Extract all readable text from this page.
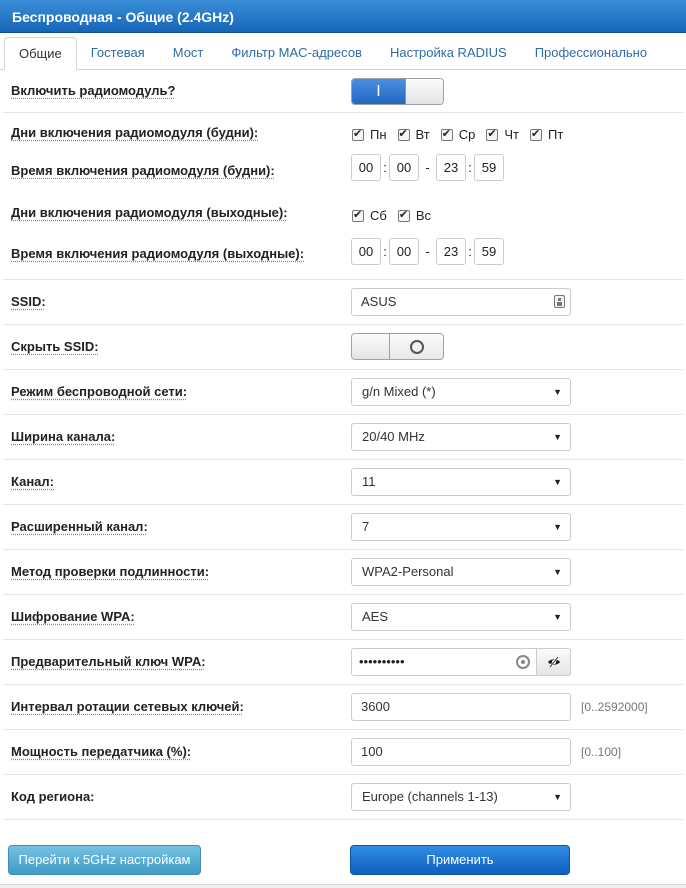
Беспроводная - Общие (2.4GHz)
Общие	Гостевая	Мост	Фильтр MAC-адресов	Настройка RADIUS	Профессионально
Включить радиомодуль?	I
Дни включения радиомодуля (будни): ✔	Пн ✔ Вт ✔ Ср ✔ Чт ✔ Пт
Время включения радиомодуля (будни):	00 : 00	-	23 : 59
Дни включения радиомодуля (выходные): ✔	Сб ✔ Вс
Время включения радиомодуля (выходные):	00 : 00	-	23 : 59
SSID:	ASUS
Скрыть SSID:
Режим беспроводной сети:	g/n Mixed (*)	▼
Ширина канала:	20/40 MHz	▼
Канал:	11	▼
Расширенный канал:	7	▼
Метод проверки подлинности:	WPA2-Personal	▼
Шифрование WPA:	AES	▼
Предварительный ключ WPA:	••••••••••
Интервал ротации сетевых ключей:	3600	[0..2592000]
Мощность передатчика (%):	100	[0..100]
Код региона:	Europe (channels 1-13)	▼
Перейти к 5GHz настройкам	Применить
